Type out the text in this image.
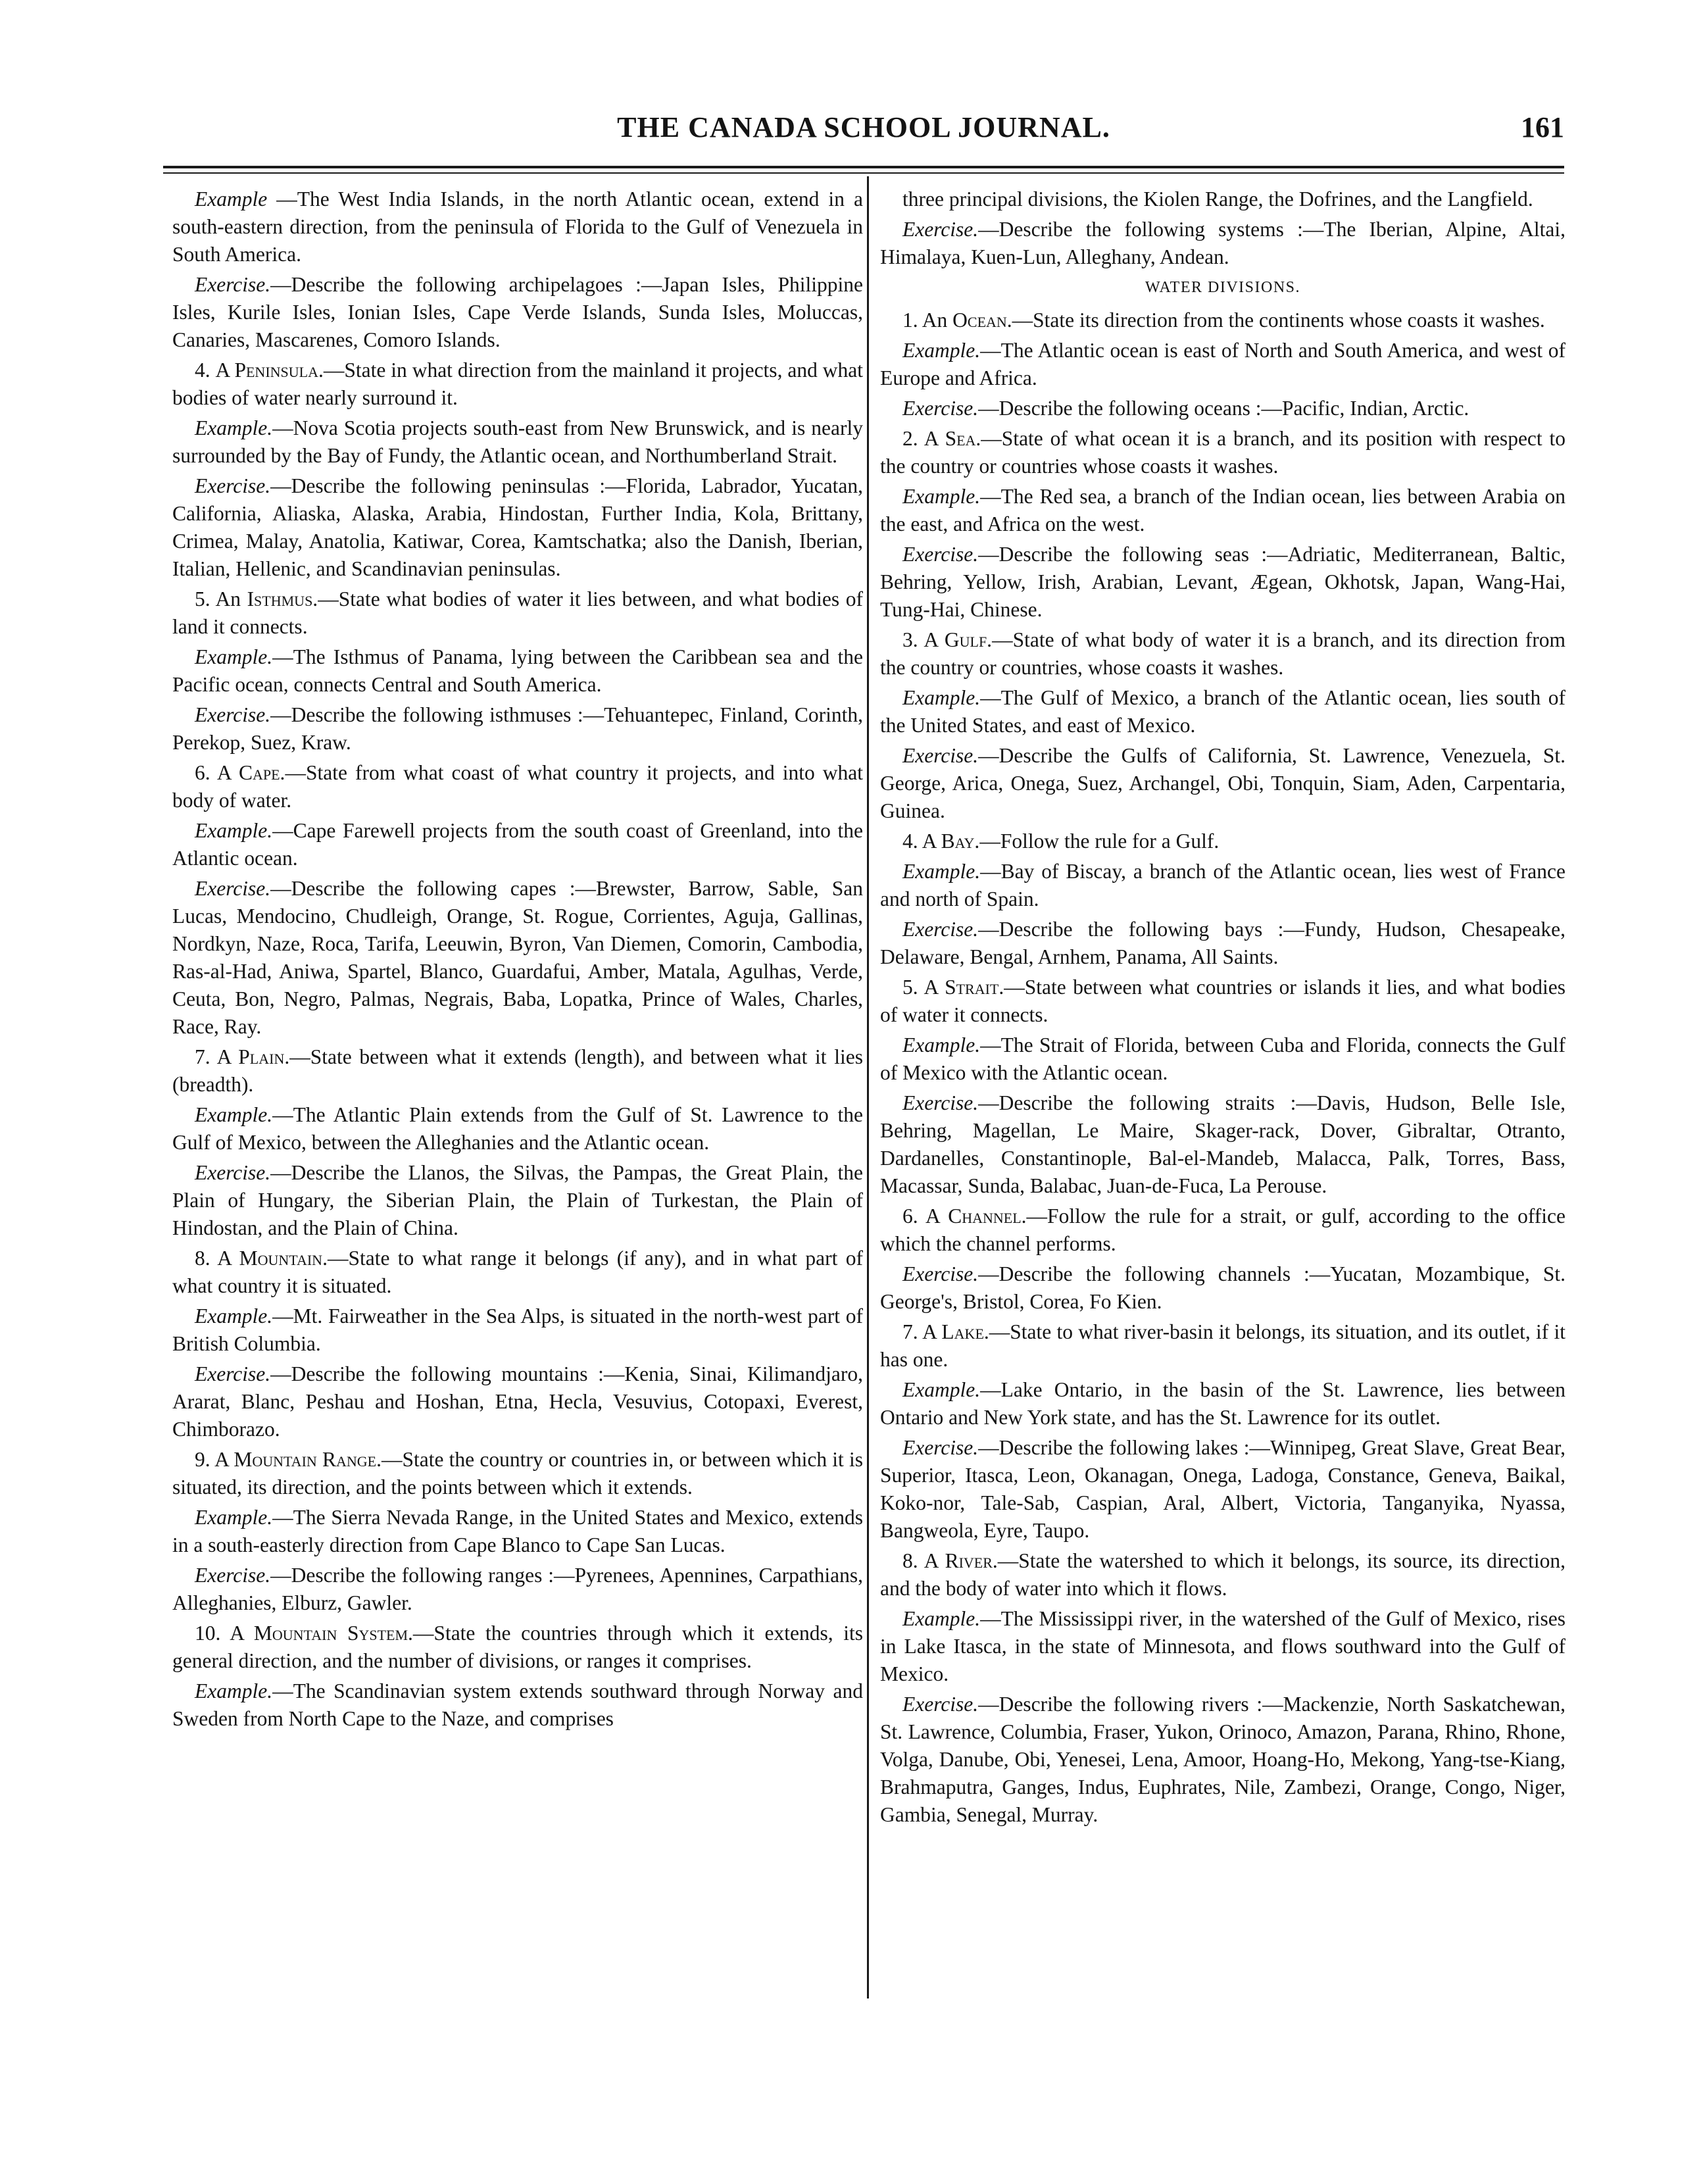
THE CANADA SCHOOL JOURNAL.	161

Example —The West India Islands, in the north Atlantic ocean, extend in a south-eastern direction, from the peninsula of Florida to the Gulf of Venezuela in South America.

Exercise.—Describe the following archipelagoes :—Japan Isles, Philippine Isles, Kurile Isles, Ionian Isles, Cape Verde Islands, Sunda Isles, Moluccas, Canaries, Mascarenes, Comoro Islands.

4. A Peninsula.—State in what direction from the mainland it projects, and what bodies of water nearly surround it.

Example.—Nova Scotia projects south-east from New Brunswick, and is nearly surrounded by the Bay of Fundy, the Atlantic ocean, and Northumberland Strait.

Exercise.—Describe the following peninsulas :—Florida, Labrador, Yucatan, California, Aliaska, Alaska, Arabia, Hindostan, Further India, Kola, Brittany, Crimea, Malay, Anatolia, Katiwar, Corea, Kamtschatka; also the Danish, Iberian, Italian, Hellenic, and Scandinavian peninsulas.

5. An Isthmus.—State what bodies of water it lies between, and what bodies of land it connects.

Example.—The Isthmus of Panama, lying between the Caribbean sea and the Pacific ocean, connects Central and South America.

Exercise.—Describe the following isthmuses :—Tehuantepec, Finland, Corinth, Perekop, Suez, Kraw.

6. A Cape.—State from what coast of what country it projects, and into what body of water.

Example.—Cape Farewell projects from the south coast of Greenland, into the Atlantic ocean.

Exercise.—Describe the following capes :—Brewster, Barrow, Sable, San Lucas, Mendocino, Chudleigh, Orange, St. Rogue, Corrientes, Aguja, Gallinas, Nordkyn, Naze, Roca, Tarifa, Leeuwin, Byron, Van Diemen, Comorin, Cambodia, Ras-al-Had, Aniwa, Spartel, Blanco, Guardafui, Amber, Matala, Agulhas, Verde, Ceuta, Bon, Negro, Palmas, Negrais, Baba, Lopatka, Prince of Wales, Charles, Race, Ray.

7. A Plain.—State between what it extends (length), and between what it lies (breadth).

Example.—The Atlantic Plain extends from the Gulf of St. Lawrence to the Gulf of Mexico, between the Alleghanies and the Atlantic ocean.

Exercise.—Describe the Llanos, the Silvas, the Pampas, the Great Plain, the Plain of Hungary, the Siberian Plain, the Plain of Turkestan, the Plain of Hindostan, and the Plain of China.

8. A Mountain.—State to what range it belongs (if any), and in what part of what country it is situated.

Example.—Mt. Fairweather in the Sea Alps, is situated in the north-west part of British Columbia.

Exercise.—Describe the following mountains :—Kenia, Sinai, Kilimandjaro, Ararat, Blanc, Peshau and Hoshan, Etna, Hecla, Vesuvius, Cotopaxi, Everest, Chimborazo.

9. A Mountain Range.—State the country or countries in, or between which it is situated, its direction, and the points between which it extends.

Example.—The Sierra Nevada Range, in the United States and Mexico, extends in a south-easterly direction from Cape Blanco to Cape San Lucas.

Exercise.—Describe the following ranges :—Pyrenees, Apennines, Carpathians, Alleghanies, Elburz, Gawler.

10. A Mountain System.—State the countries through which it extends, its general direction, and the number of divisions, or ranges it comprises.

Example.—The Scandinavian system extends southward through Norway and Sweden from North Cape to the Naze, and comprises

three principal divisions, the Kiolen Range, the Dofrines, and the Langfield.

Exercise.—Describe the following systems :—The Iberian, Alpine, Altai, Himalaya, Kuen-Lun, Alleghany, Andean.

WATER DIVISIONS.

1. An Ocean.—State its direction from the continents whose coasts it washes.

Example.—The Atlantic ocean is east of North and South America, and west of Europe and Africa.

Exercise.—Describe the following oceans :—Pacific, Indian, Arctic.

2. A Sea.—State of what ocean it is a branch, and its position with respect to the country or countries whose coasts it washes.

Example.—The Red sea, a branch of the Indian ocean, lies between Arabia on the east, and Africa on the west.

Exercise.—Describe the following seas :—Adriatic, Mediterranean, Baltic, Behring, Yellow, Irish, Arabian, Levant, Ægean, Okhotsk, Japan, Wang-Hai, Tung-Hai, Chinese.

3. A Gulf.—State of what body of water it is a branch, and its direction from the country or countries, whose coasts it washes.

Example.—The Gulf of Mexico, a branch of the Atlantic ocean, lies south of the United States, and east of Mexico.

Exercise.—Describe the Gulfs of California, St. Lawrence, Venezuela, St. George, Arica, Onega, Suez, Archangel, Obi, Tonquin, Siam, Aden, Carpentaria, Guinea.

4. A Bay.—Follow the rule for a Gulf.

Example.—Bay of Biscay, a branch of the Atlantic ocean, lies west of France and north of Spain.

Exercise.—Describe the following bays :—Fundy, Hudson, Chesapeake, Delaware, Bengal, Arnhem, Panama, All Saints.

5. A Strait.—State between what countries or islands it lies, and what bodies of water it connects.

Example.—The Strait of Florida, between Cuba and Florida, connects the Gulf of Mexico with the Atlantic ocean.

Exercise.—Describe the following straits :—Davis, Hudson, Belle Isle, Behring, Magellan, Le Maire, Skager-rack, Dover, Gibraltar, Otranto, Dardanelles, Constantinople, Bal-el-Mandeb, Malacca, Palk, Torres, Bass, Macassar, Sunda, Balabac, Juan-de-Fuca, La Perouse.

6. A Channel.—Follow the rule for a strait, or gulf, according to the office which the channel performs.

Exercise.—Describe the following channels :—Yucatan, Mozambique, St. George's, Bristol, Corea, Fo Kien.

7. A Lake.—State to what river-basin it belongs, its situation, and its outlet, if it has one.

Example.—Lake Ontario, in the basin of the St. Lawrence, lies between Ontario and New York state, and has the St. Lawrence for its outlet.

Exercise.—Describe the following lakes :—Winnipeg, Great Slave, Great Bear, Superior, Itasca, Leon, Okanagan, Onega, Ladoga, Constance, Geneva, Baikal, Koko-nor, Tale-Sab, Caspian, Aral, Albert, Victoria, Tanganyika, Nyassa, Bangweola, Eyre, Taupo.

8. A River.—State the watershed to which it belongs, its source, its direction, and the body of water into which it flows.

Example.—The Mississippi river, in the watershed of the Gulf of Mexico, rises in Lake Itasca, in the state of Minnesota, and flows southward into the Gulf of Mexico.

Exercise.—Describe the following rivers :—Mackenzie, North Saskatchewan, St. Lawrence, Columbia, Fraser, Yukon, Orinoco, Amazon, Parana, Rhino, Rhone, Volga, Danube, Obi, Yenesei, Lena, Amoor, Hoang-Ho, Mekong, Yang-tse-Kiang, Brahmaputra, Ganges, Indus, Euphrates, Nile, Zambezi, Orange, Congo, Niger, Gambia, Senegal, Murray.
